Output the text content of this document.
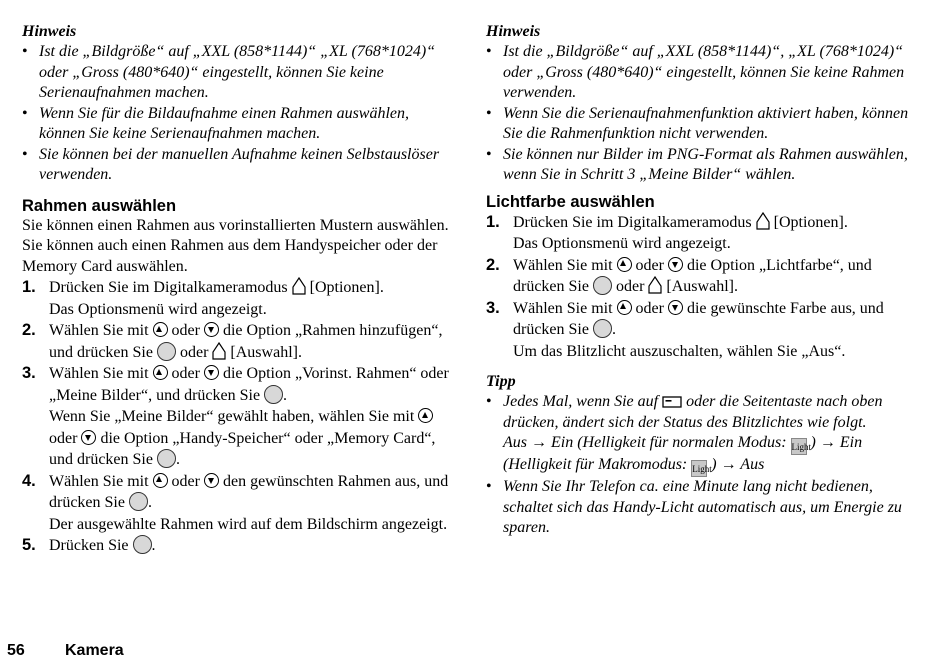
Hinweis

• Ist die „Bildgröße“ auf „XXL (858*1144)“ „XL (768*1024)“ oder „Gross (480*640)“ eingestellt, können Sie keine Serienaufnahmen machen.
• Wenn Sie für die Bildaufnahme einen Rahmen auswählen, können Sie keine Serienaufnahmen machen.
• Sie können bei der manuellen Aufnahme keinen Selbstauslöser verwenden.

Rahmen auswählen

Sie können einen Rahmen aus vorinstallierten Mustern auswählen. Sie können auch einen Rahmen aus dem Handyspeicher oder der Memory Card auswählen.

1. Drücken Sie im Digitalkameramodus [Optionen].
Das Optionsmenü wird angezeigt.
2. Wählen Sie mit oder die Option „Rahmen hinzufügen“, und drücken Sie oder [Auswahl].
3. Wählen Sie mit oder die Option „Vorinst. Rahmen“ oder „Meine Bilder“, und drücken Sie .
Wenn Sie „Meine Bilder“ gewählt haben, wählen Sie mit  oder die Option „Handy-Speicher“ oder „Memory Card“, und drücken Sie .
4. Wählen Sie mit oder den gewünschten Rahmen aus, und drücken Sie .
Der ausgewählte Rahmen wird auf dem Bildschirm angezeigt.
5. Drücken Sie .

Hinweis

• Ist die „Bildgröße“ auf „XXL (858*1144)“, „XL (768*1024)“ oder „Gross (480*640)“ eingestellt, können Sie keine Rahmen verwenden.
• Wenn Sie die Serienaufnahmenfunktion aktiviert haben, können Sie die Rahmenfunktion nicht verwenden.
• Sie können nur Bilder im PNG-Format als Rahmen auswählen, wenn Sie in Schritt 3 „Meine Bilder“ wählen.

Lichtfarbe auswählen

1. Drücken Sie im Digitalkameramodus [Optionen].
Das Optionsmenü wird angezeigt.
2. Wählen Sie mit oder die Option „Lichtfarbe“, und drücken Sie oder [Auswahl].
3. Wählen Sie mit oder die gewünschte Farbe aus, und drücken Sie .
Um das Blitzlicht auszuschalten, wählen Sie „Aus“.

Tipp

• Jedes Mal, wenn Sie auf oder die Seitentaste nach oben drücken, ändert sich der Status des Blitzlichtes wie folgt.
Aus → Ein (Helligkeit für normalen Modus: Light ) → Ein (Helligkeit für Makromodus: Light ) → Aus
• Wenn Sie Ihr Telefon ca. eine Minute lang nicht bedienen, schaltet sich das Handy-Licht automatisch aus, um Energie zu sparen.
56	Kamera
